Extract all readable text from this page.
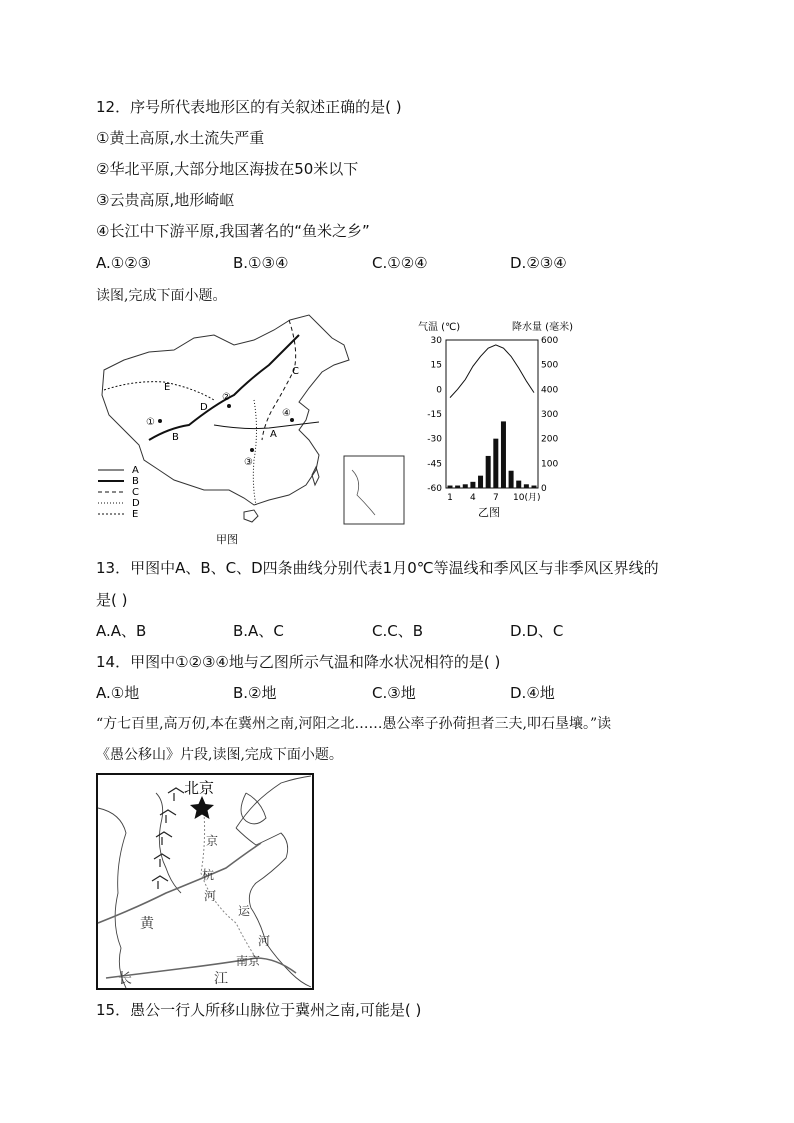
12．序号所代表地形区的有关叙述正确的是( )
①黄土高原,水土流失严重
②华北平原,大部分地区海拔在50米以下
③云贵高原,地形崎岖
④长江中下游平原,我国著名的“鱼米之乡”
A.①②③	B.①③④	C.①②④	D.②③④
读图,完成下面小题。
A
B
C
D
E
①
②
③
④
A
B
C
D
E
甲图
气温 (℃)	降水量 (毫米)
30
15
0
-15
-30
-45
-60
600
500
400
300
200
100
0
1 4 7 10 (月)
乙图
13．甲图中A、B、C、D四条曲线分别代表1月0℃等温线和季风区与非季风区界线的
是( )
A.A、B	B.A、C	C.C、B	D.D、C
14．甲图中①②③④地与乙图所示气温和降水状况相符的是( )
A.①地	B.②地	C.③地	D.④地
“方七百里,高万仞,本在冀州之南,河阳之北……愚公率子孙荷担者三夫,叩石垦壤。”读
《愚公移山》片段,读图,完成下面小题。
北京
京
杭
河
运
河
黄
南京
长	江
15．愚公一行人所移山脉位于冀州之南,可能是( )
